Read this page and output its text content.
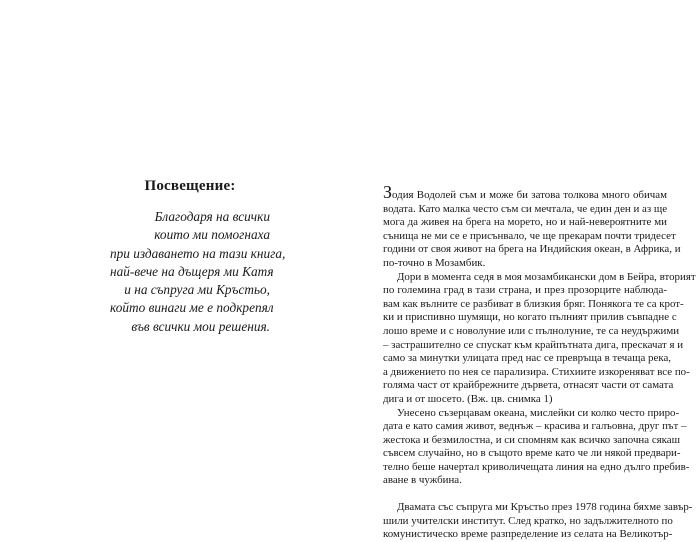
Посвещение:
Благодаря на всички
които ми помогнаха
при издаването на тази книга,
най-вече на дъщеря ми Катя
и на съпруга ми Кръстьо,
който винаги ме е подкрепял
във всички мои решения.
Зодия Водолей съм и може би затова толкова много обичам
водата. Като малка често съм си мечтала, че един ден и аз ще
мога да живея на брега на морето, но и най-невероятните ми
сънища не ми се е присънвало, че ще прекарам почти тридесет
години от своя живот на брега на Индийския океан, в Африка, и
по-точно в Мозамбик.
Дори в момента седя в моя мозамбикански дом в Бейра, вторият
по големина град в тази страна, и през прозорците наблюда-
вам как вълните се разбиват в близкия бряг. Понякога те са крот-
ки и приспивно шумящи, но когато пълният прилив съвпадне с
лошо време и с новолуние или с пълнолуние, те са неудържими
– застрашително се спускат към крайпътната дига, прескачат я и
само за минутки улицата пред нас се превръща в течаща река,
а движението по нея се парализира. Стихиите изкореняват все по-
голяма част от крайбрежните дървета, отнасят части от самата
дига и от шосето. (Вж. цв. снимка 1)
Унесено съзерцавам океана, мислейки си колко често приро-
дата е като самия живот, веднъж – красива и галъовна, друг път –
жестока и безмилостна, и си спомням как всичко започна сякаш
съвсем случайно, но в същото време като че ли някой предвари-
телно беше начертал криволичещата линия на едно дълго пребив-
аване в чужбина.
Двамата със съпруга ми Кръстьо през 1978 година бяхме завър-
шили учителски институт. След кратко, но задължителното по
комунистическо време разпределение из селата на Великотър-
